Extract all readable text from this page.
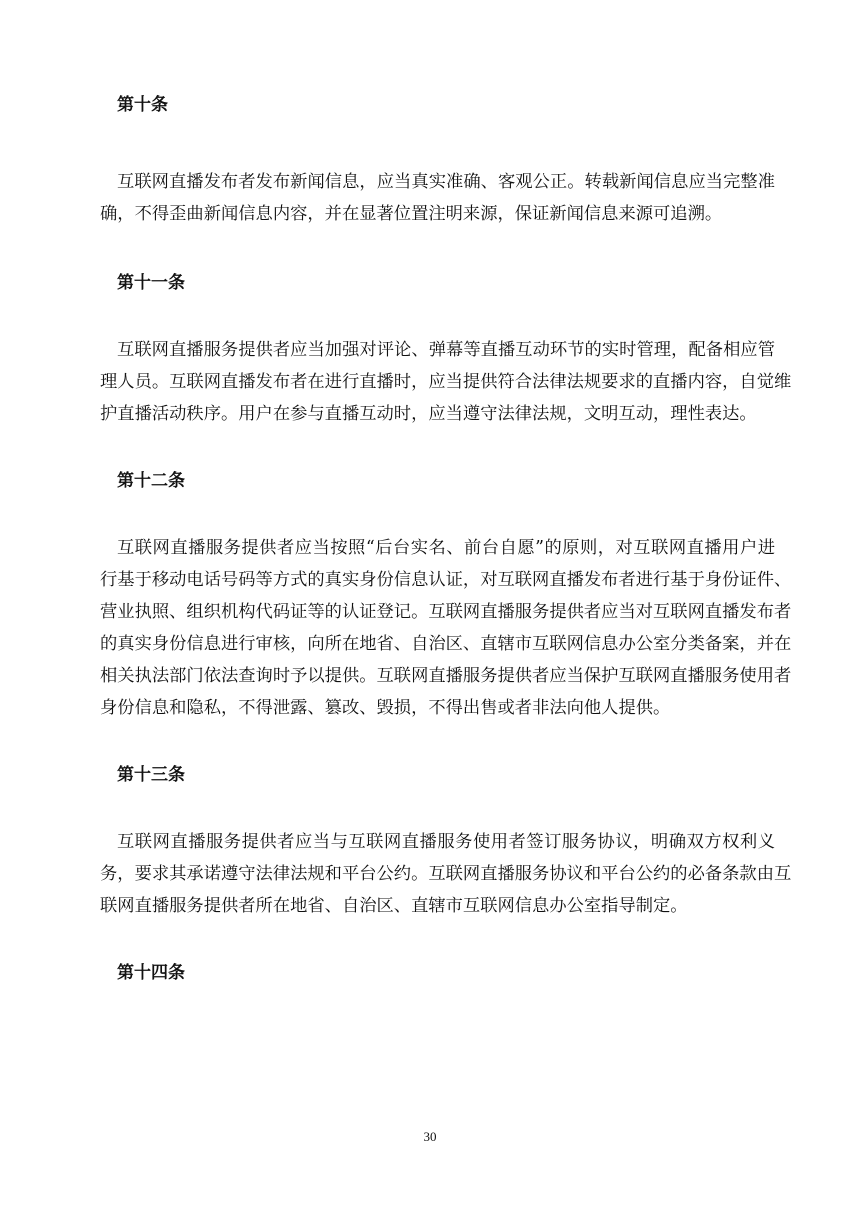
第十条

互联网直播发布者发布新闻信息，应当真实准确、客观公正。转载新闻信息应当完整准
确，不得歪曲新闻信息内容，并在显著位置注明来源，保证新闻信息来源可追溯。

第十一条

互联网直播服务提供者应当加强对评论、弹幕等直播互动环节的实时管理，配备相应管
理人员。互联网直播发布者在进行直播时，应当提供符合法律法规要求的直播内容，自觉维
护直播活动秩序。用户在参与直播互动时，应当遵守法律法规，文明互动，理性表达。

第十二条

互联网直播服务提供者应当按照“后台实名、前台自愿”的原则，对互联网直播用户进
行基于移动电话号码等方式的真实身份信息认证，对互联网直播发布者进行基于身份证件、
营业执照、组织机构代码证等的认证登记。互联网直播服务提供者应当对互联网直播发布者
的真实身份信息进行审核，向所在地省、自治区、直辖市互联网信息办公室分类备案，并在
相关执法部门依法查询时予以提供。互联网直播服务提供者应当保护互联网直播服务使用者
身份信息和隐私，不得泄露、篡改、毁损，不得出售或者非法向他人提供。

第十三条

互联网直播服务提供者应当与互联网直播服务使用者签订服务协议，明确双方权利义
务，要求其承诺遵守法律法规和平台公约。互联网直播服务协议和平台公约的必备条款由互
联网直播服务提供者所在地省、自治区、直辖市互联网信息办公室指导制定。

第十四条
30
